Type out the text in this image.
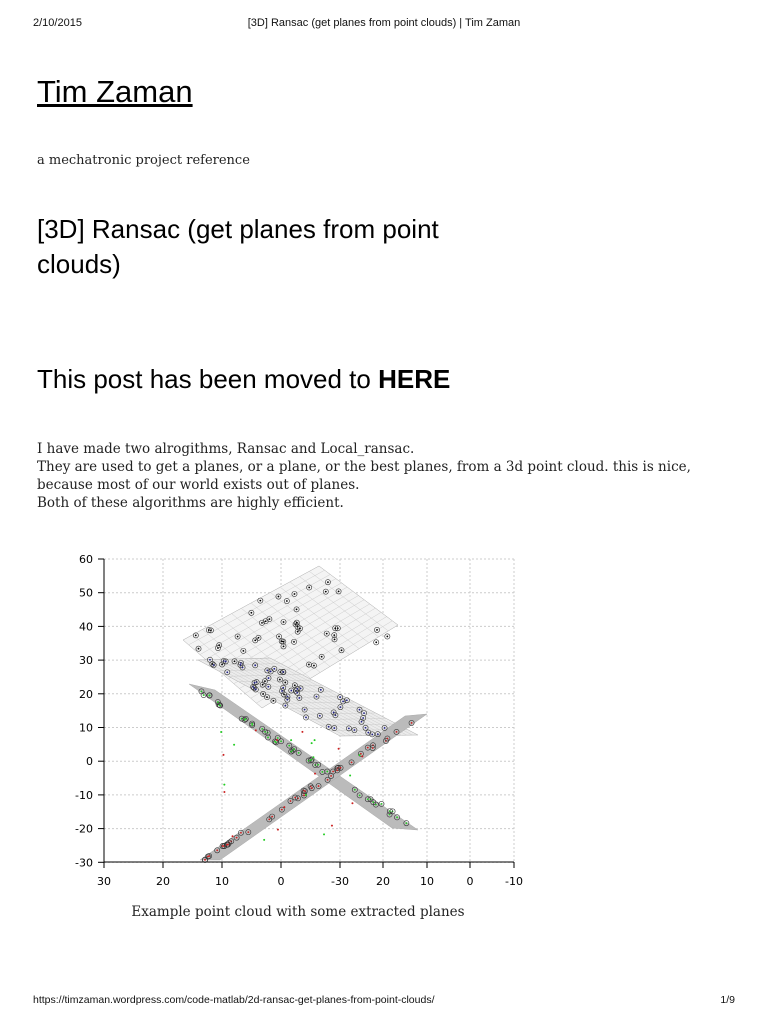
2/10/2015	[3D] Ransac (get planes from point clouds) | Tim Zaman
Tim Zaman
a mechatronic project reference
[3D] Ransac (get planes from point clouds)
This post has been moved to HERE

I have made two alrogithms, Ransac and Local_ransac.

They are used to get a planes, or a plane, or the best planes, from a 3d point cloud. this is nice, because most of our world exists out of planes.

Both of these algorithms are highly efficient.

60
50
40
30
20
10
0
-10
-20
-30
30	20	10	0	-30 20	10	0	-10
Example point cloud with some extracted planes
https://timzaman.wordpress.com/code-matlab/2d-ransac-get-planes-from-point-clouds/	1/9
